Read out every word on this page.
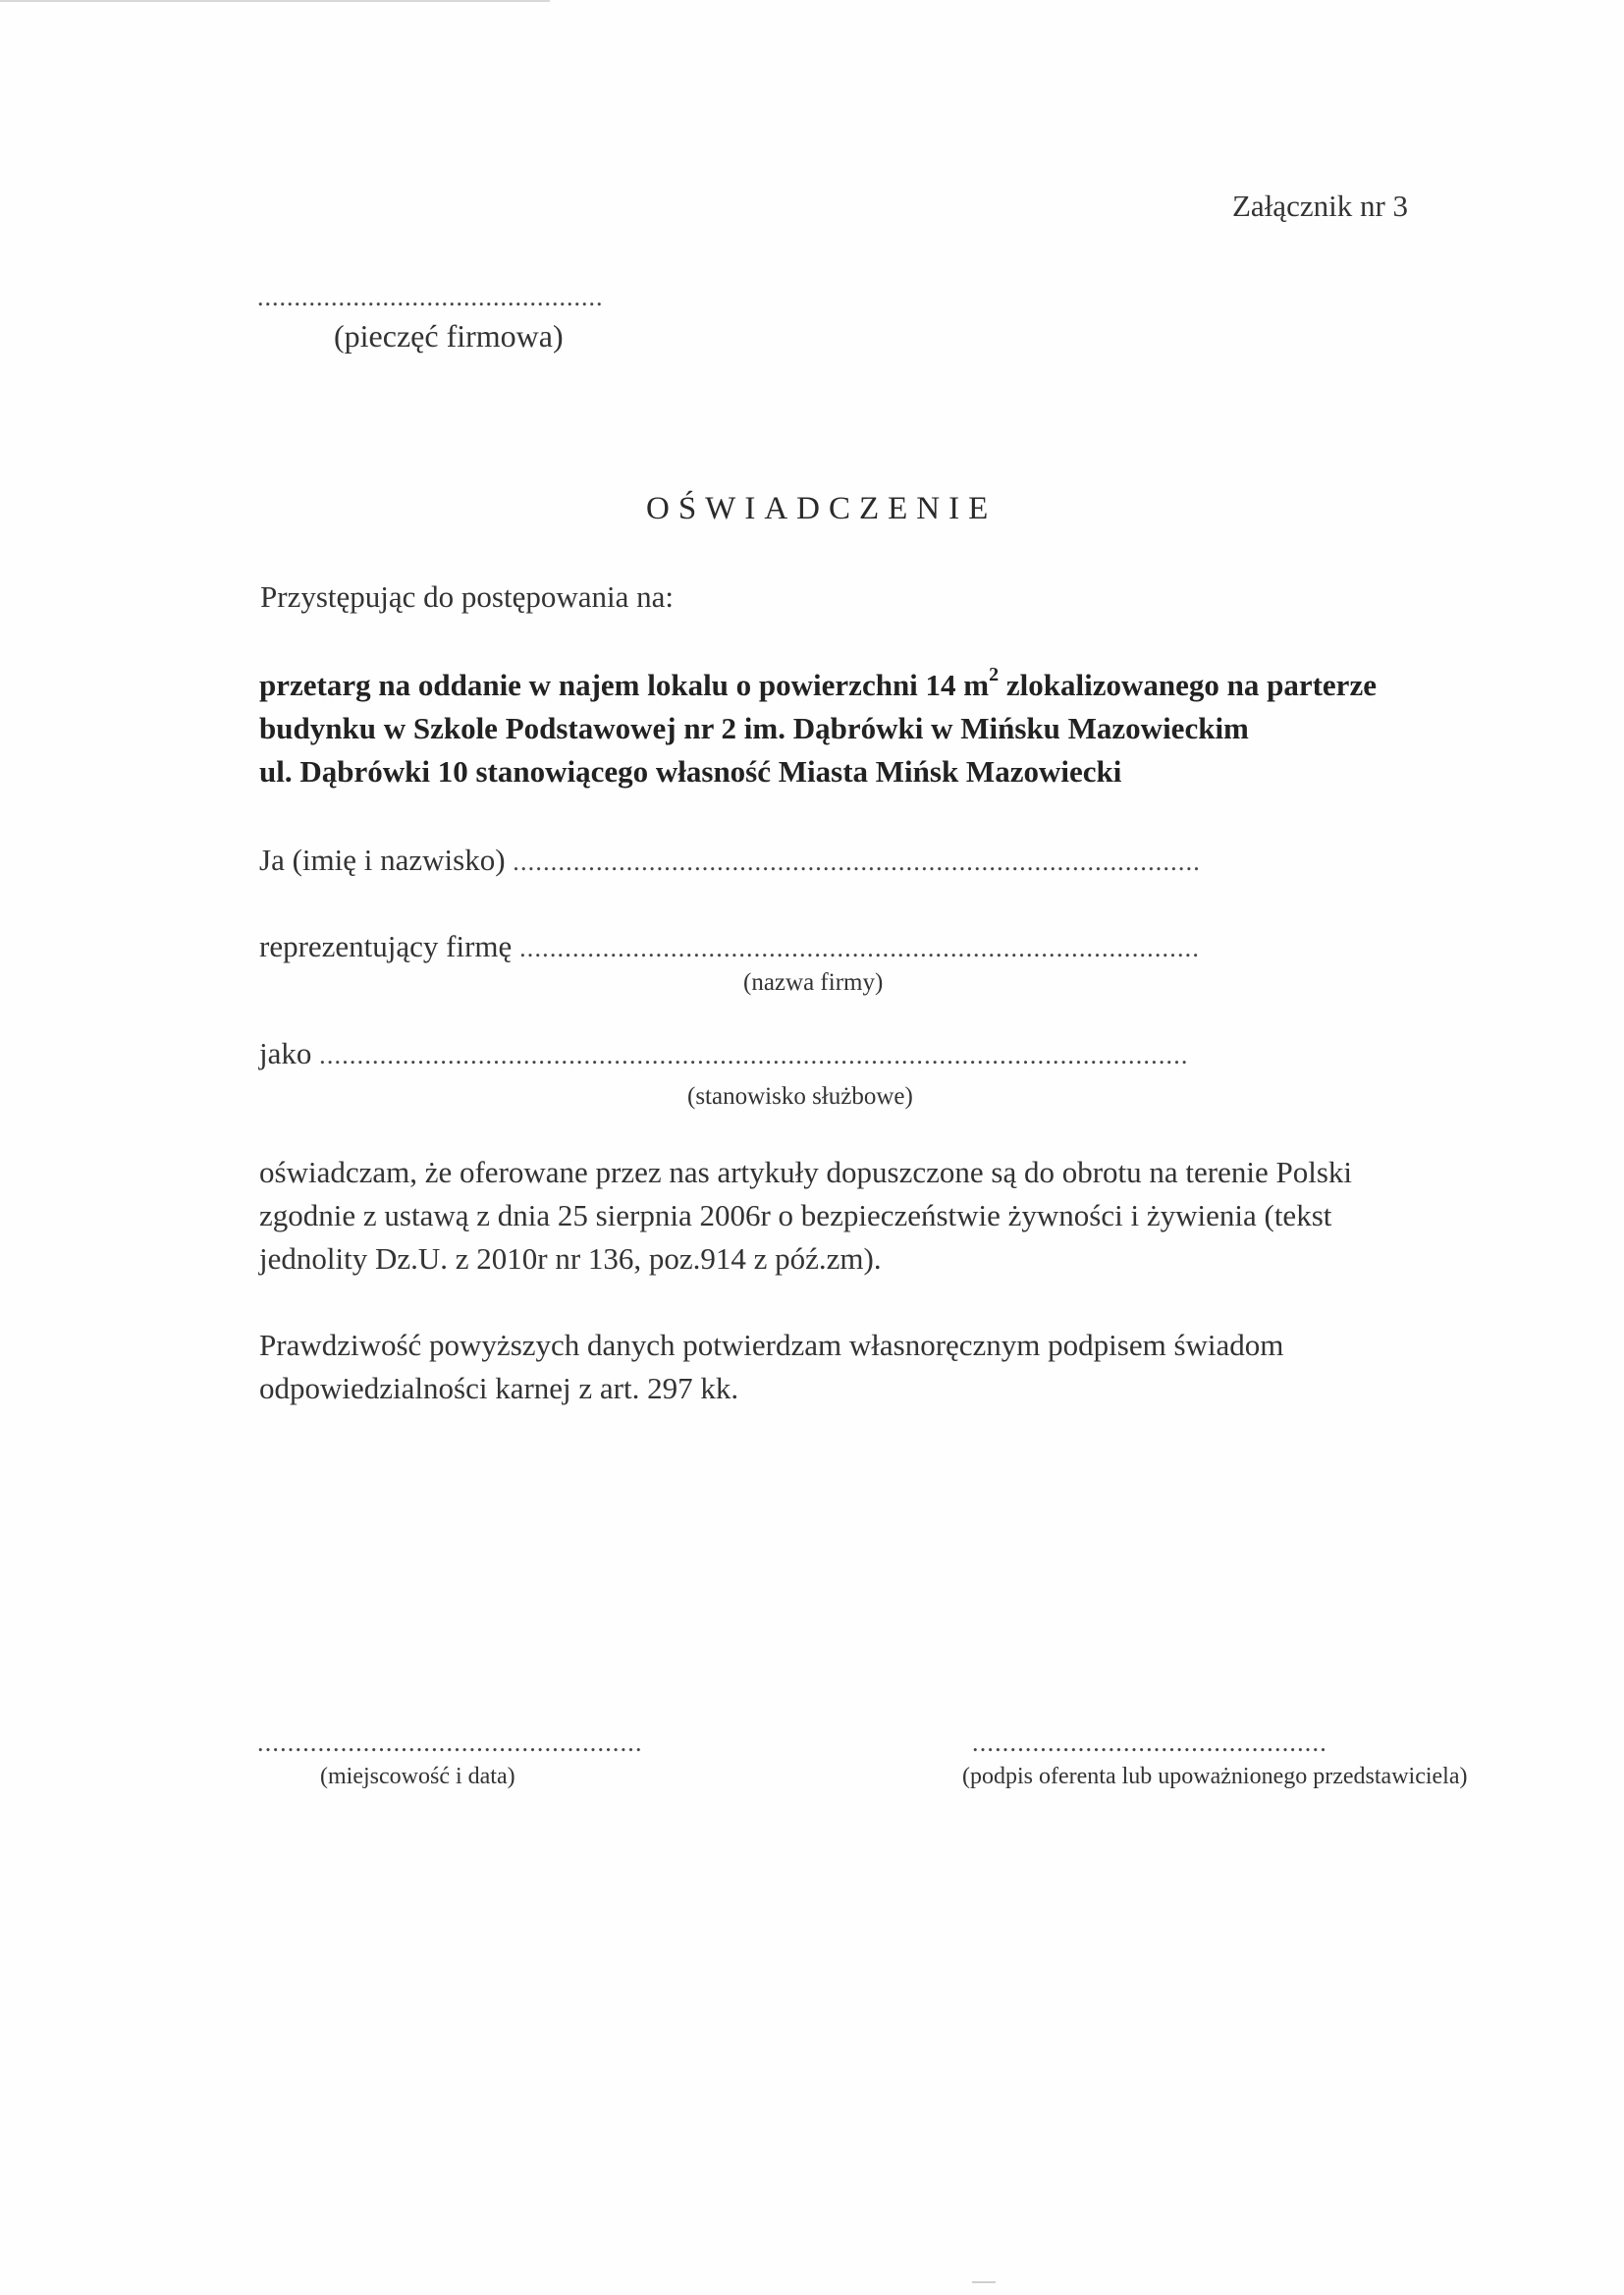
Załącznik nr 3
...............................................
(pieczęć firmowa)
OŚWIADCZENIE
Przystępując do postępowania na:

przetarg na oddanie w najem lokalu o powierzchni 14 $m^2$ zlokalizowanego na parterze

budynku w Szkole Podstawowej nr 2 im. Dąbrówki w Mińsku Mazowieckim

ul. Dąbrówki 10 stanowiącego własność Miasta Mińsk Mazowiecki

Ja (imię i nazwisko) ...........................................................................................
reprezentujący firmę ..........................................................................................
(nazwa firmy)
jako ...................................................................................................................
(stanowisko służbowe)

oświadczam, że oferowane przez nas artykuły dopuszczone są do obrotu na terenie Polski

zgodnie z ustawą z dnia 25 sierpnia 2006r o bezpieczeństwie żywności i żywienia (tekst

jednolity Dz.U. z 2010r nr 136, poz.914 z póź.zm).

Prawdziwość powyższych danych potwierdzam własnoręcznym podpisem świadom

odpowiedzialności karnej z art. 297 kk.

...................................................
(miejscowość i data)
...............................................
(podpis oferenta lub upoważnionego przedstawiciela)
